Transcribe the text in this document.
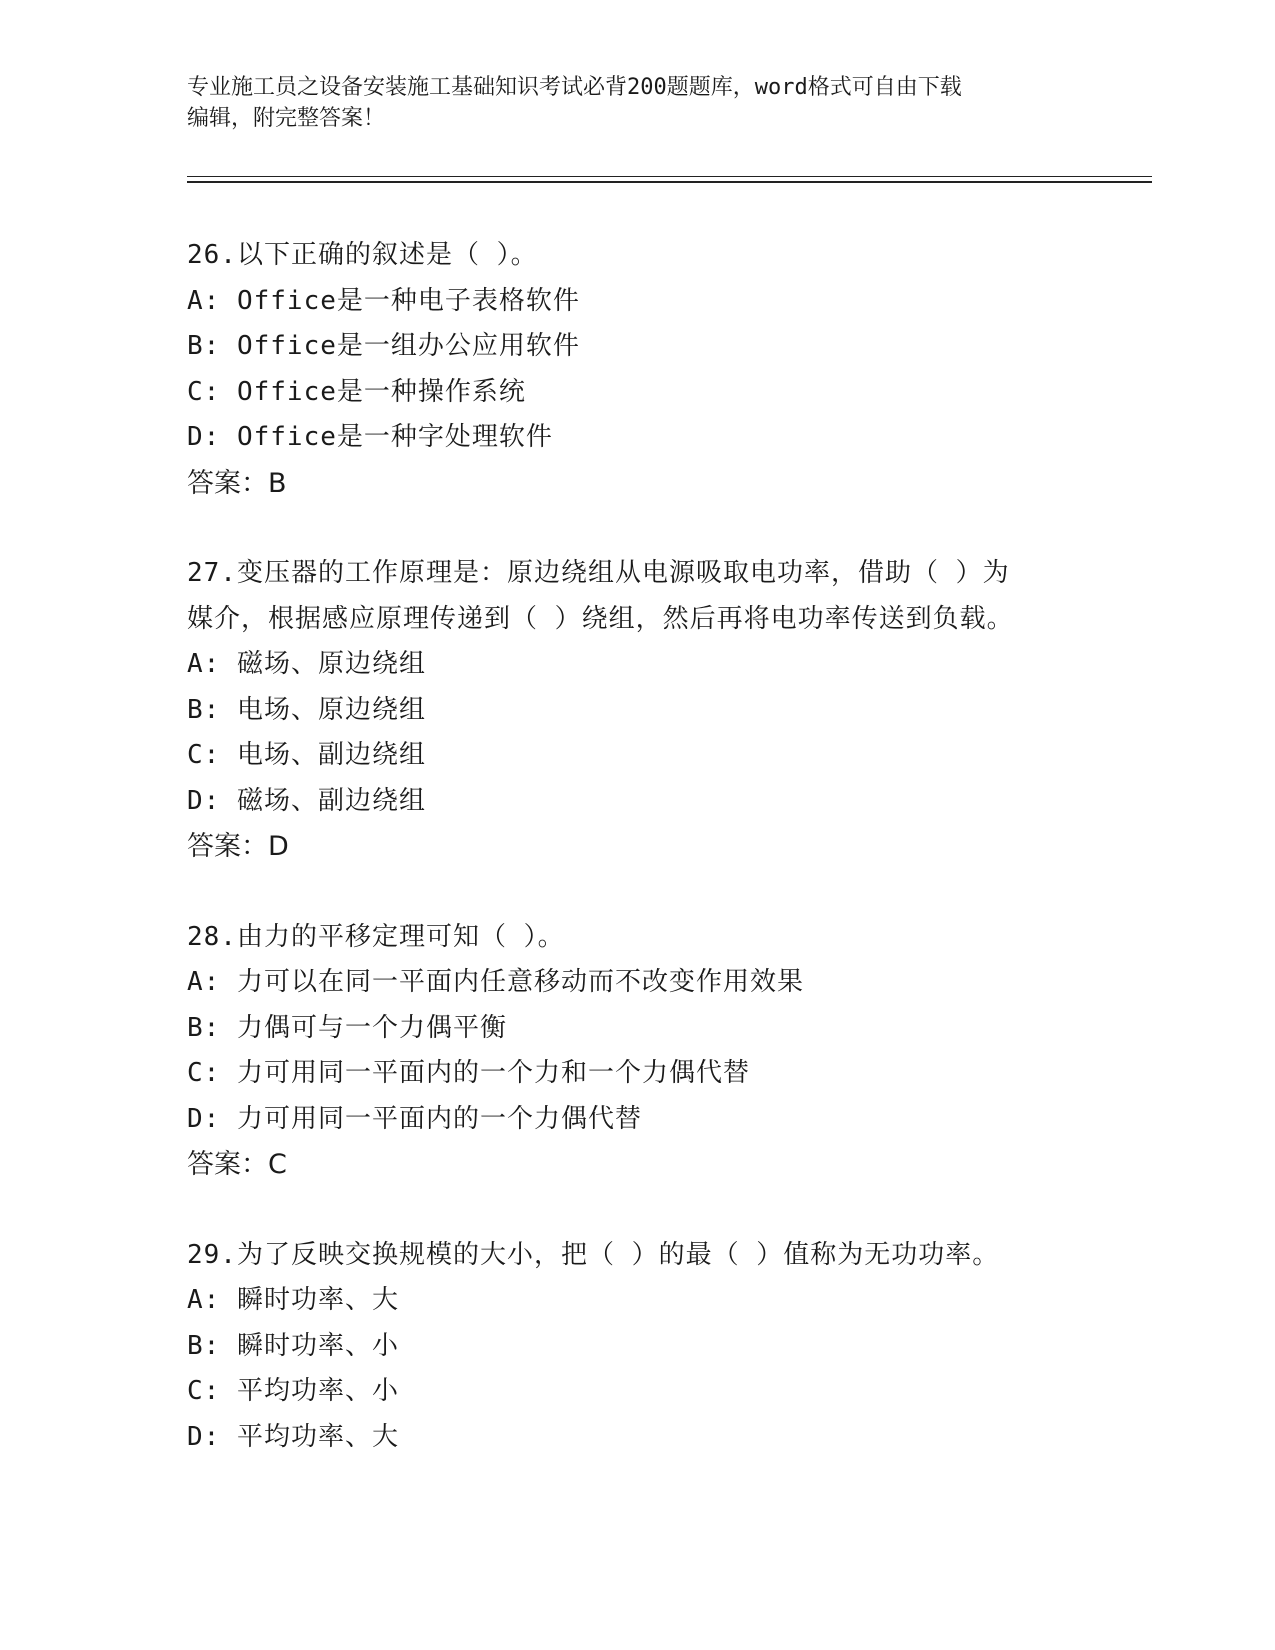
专业施工员之设备安装施工基础知识考试必背200题题库，word格式可自由下载
编辑，附完整答案！
26.以下正确的叙述是（ ）。
A: Office是一种电子表格软件
B: Office是一组办公应用软件
C: Office是一种操作系统
D: Office是一种字处理软件
答案：B
27.变压器的工作原理是：原边绕组从电源吸取电功率，借助（ ）为
媒介，根据感应原理传递到（ ）绕组，然后再将电功率传送到负载。
A: 磁场、原边绕组
B: 电场、原边绕组
C: 电场、副边绕组
D: 磁场、副边绕组
答案：D
28.由力的平移定理可知（ ）。
A: 力可以在同一平面内任意移动而不改变作用效果
B: 力偶可与一个力偶平衡
C: 力可用同一平面内的一个力和一个力偶代替
D: 力可用同一平面内的一个力偶代替
答案：C
29.为了反映交换规模的大小，把（ ）的最（ ）值称为无功功率。
A: 瞬时功率、大
B: 瞬时功率、小
C: 平均功率、小
D: 平均功率、大
